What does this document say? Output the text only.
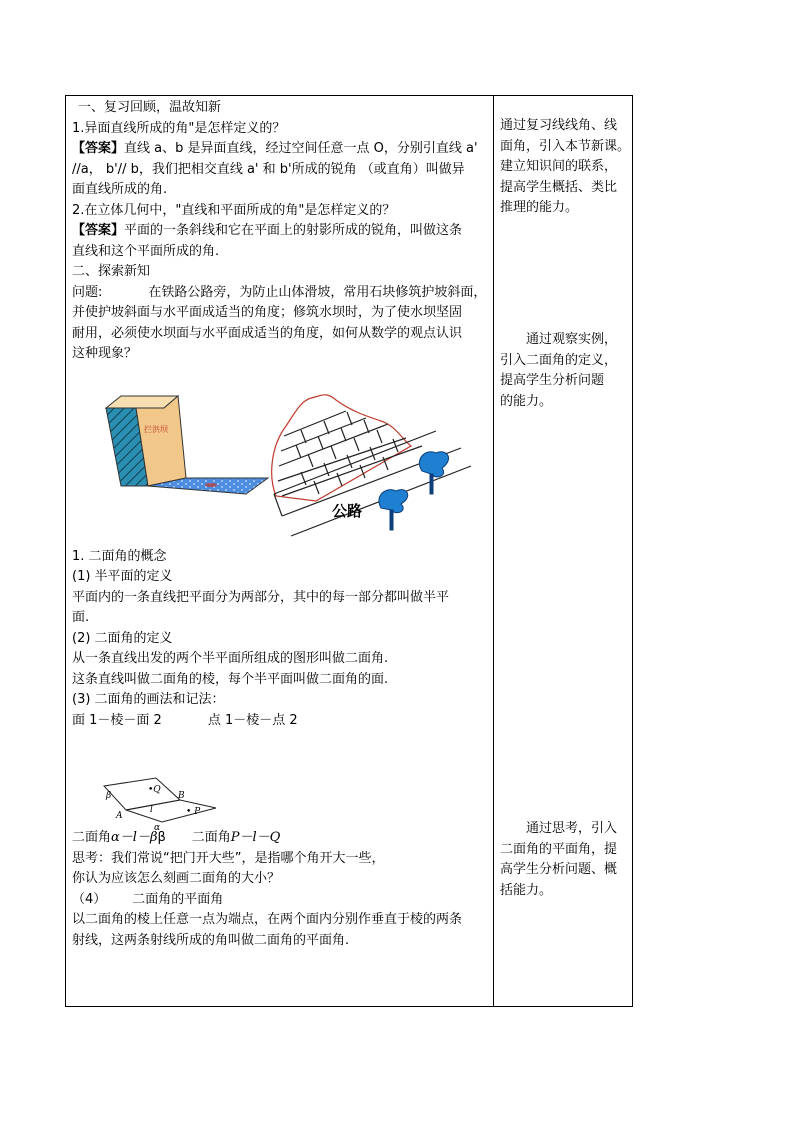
一、复习回顾，温故知新
1.异面直线所成的角"是怎样定义的？
【答案】直线 a、b 是异面直线，经过空间任意一点 O，分别引直线 a'
//a， b'// b，我们把相交直线 a' 和 b'所成的锐角 （或直角）叫做异
面直线所成的角.
2.在立体几何中，"直线和平面所成的角"是怎样定义的？
【答案】平面的一条斜线和它在平面上的射影所成的锐角，叫做这条
直线和这个平面所成的角.
二、探索新知
问题:	在铁路公路旁，为防止山体滑坡，常用石块修筑护坡斜面，
并使护坡斜面与水平面成适当的角度；修筑水坝时，为了使水坝坚固
耐用，必须使水坝面与水平面成适当的角度，如何从数学的观点认识
这种现象？
1. 二面角的概念
(1) 半平面的定义
平面内的一条直线把平面分为两部分，其中的每一部分都叫做半平
面.
(2) 二面角的定义
从一条直线出发的两个半平面所组成的图形叫做二面角.
这条直线叫做二面角的棱，每个半平面叫做二面角的面.
(3) 二面角的画法和记法：
面 1－棱－面 2	点 1－棱－点 2
二面角α－l－ββ 二面角P－l－Q
思考：我们常说“把门开大些”，是指哪个角开大一些，
你认为应该怎么刻画二面角的大小？
（4） 二面角的平面角
以二面角的棱上任意一点为端点，在两个面内分别作垂直于棱的两条
射线，这两条射线所成的角叫做二面角的平面角.
拦洪坝
公路
β
•Q
B
l	• P
A
α
通过复习线线角、线
面角，引入本节新课。
建立知识间的联系，
提高学生概括、类比
推理的能力。
通过观察实例，
引入二面角的定义，
提高学生分析问题
的能力。
通过思考，引入
二面角的平面角，提
高学生分析问题、概
括能力。
